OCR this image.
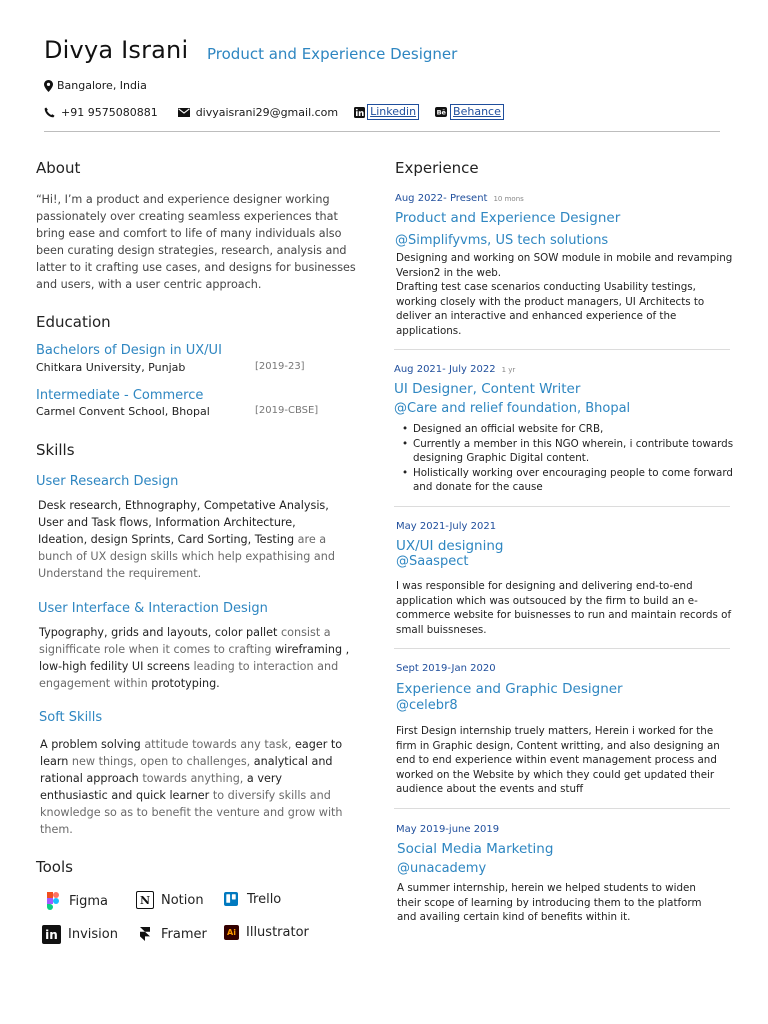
Divya Israni Product and Experience Designer
Bangalore, India
+91 9575080881	divyaisrani29@gmail.com	Linkedin	Bē Behance
About
“Hi!, I’m a product and experience designer working passionately over creating seamless experiences that bring ease and comfort to life of many individuals also been curating design strategies, research, analysis and latter to it crafting use cases, and designs for businesses and users, with a user centric approach.
Education
Bachelors of Design in UX/UI
Chitkara University, Punjab	[2019-23]
Intermediate - Commerce
Carmel Convent School, Bhopal	[2019-CBSE]
Skills
User Research Design
Desk research, Ethnography, Competative Analysis, User and Task flows, Information Architecture, Ideation, design Sprints, Card Sorting, Testing are a bunch of UX design skills which help expathising and Understand the requirement.
User Interface & Interaction Design
Typography, grids and layouts, color pallet consist a signifficate role when it comes to crafting wireframing , low-high fedility UI screens leading to interaction and engagement within prototyping.
Soft Skills
A problem solving attitude towards any task, eager to learn new things, open to challenges, analytical and rational approach towards anything, a very enthusiastic and quick learner to diversify skills and knowledge so as to benefit the venture and grow with them.
Tools
Figma	N Notion	Trello
in Invision	Framer	Ai Illustrator
Experience
Aug 2022- Present 10 mons
Product and Experience Designer
@Simplifyvms, US tech solutions
Designing and working on SOW module in mobile and revamping Version2 in the web.
Drafting test case scenarios conducting Usability testings, working closely with the product managers, UI Architects to deliver an interactive and enhanced experience of the applications.
Aug 2021- July 2022 1 yr
UI Designer, Content Writer
@Care and relief foundation, Bhopal
• Designed an official website for CRB,
• Currently a member in this NGO wherein, i contribute towards designing Graphic Digital content.
• Holistically working over encouraging people to come forward and donate for the cause
May 2021-July 2021
UX/UI designing
@Saaspect
I was responsible for designing and delivering end-to-end application which was outsouced by the firm to build an e-commerce website for buisnesses to run and maintain records of small buissneses.
Sept 2019-Jan 2020
Experience and Graphic Designer
@celebr8
First Design internship truely matters, Herein i worked for the firm in Graphic design, Content writting, and also designing an end to end experience within event management process and worked on the Website by which they could get updated their audience about the events and stuff
May 2019-june 2019
Social Media Marketing
@unacademy
A summer internship, herein we helped students to widen their scope of learning by introducing them to the platform and availing certain kind of benefits within it.
